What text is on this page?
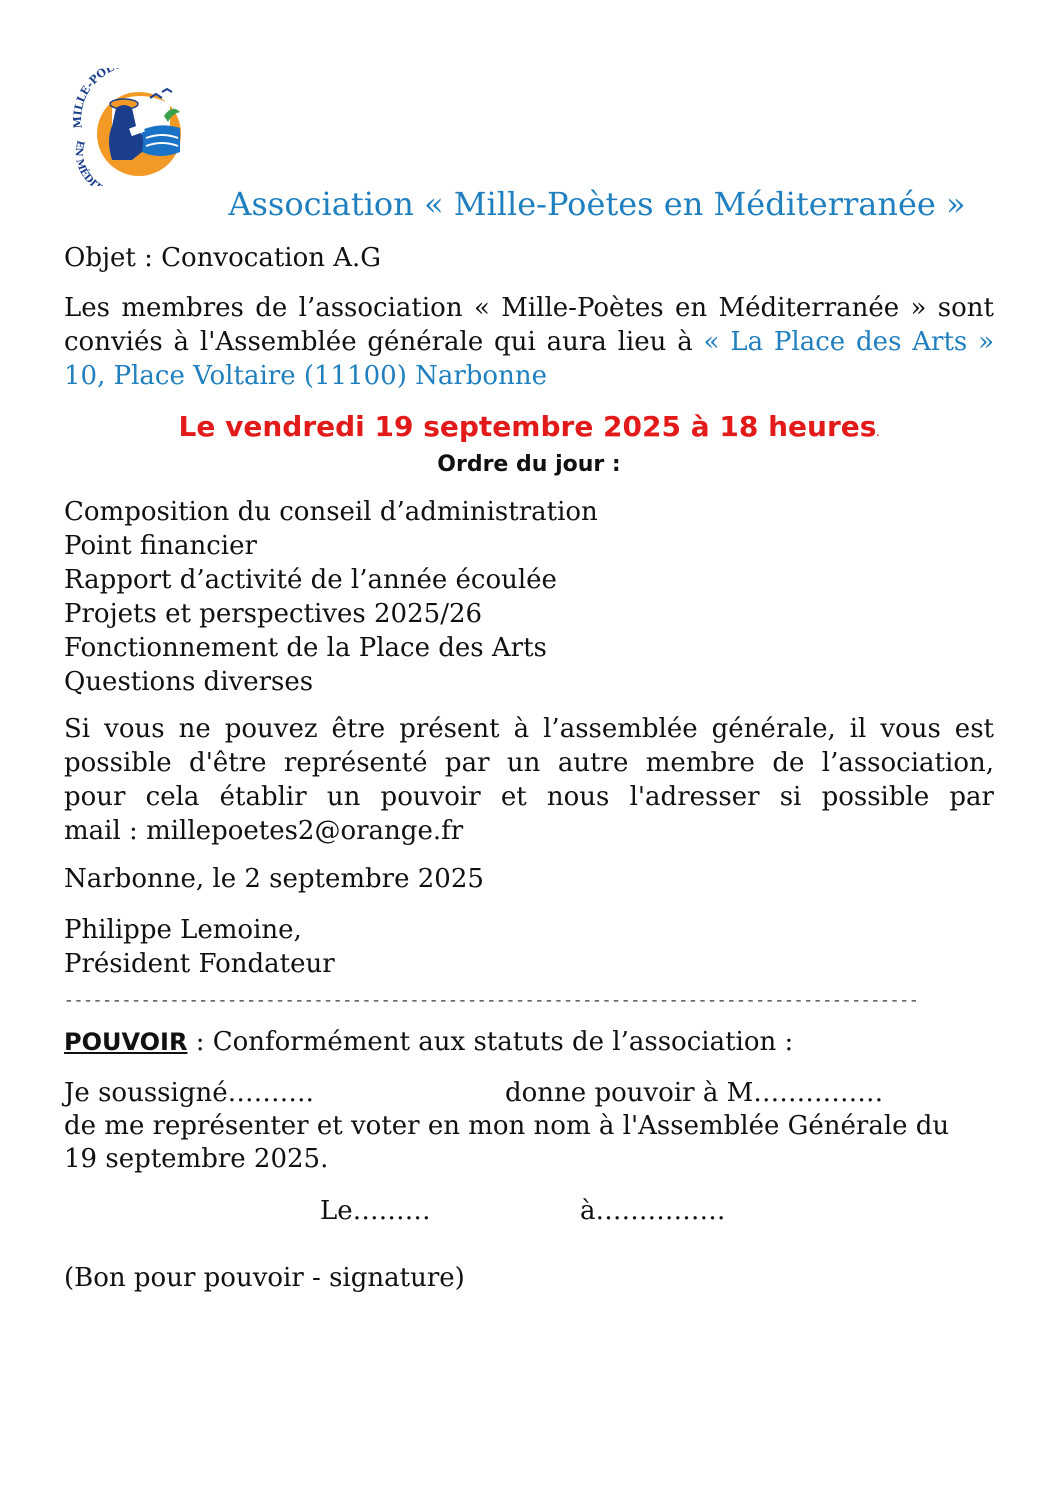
MILLE-POÈ
EN MÉDI
Association « Mille-Poètes en Méditerranée »
Objet : Convocation A.G
Les membres de l’association « Mille-Poètes en Méditerranée » sont
conviés à l'Assemblée générale qui aura lieu à « La Place des Arts »
10, Place Voltaire (11100) Narbonne
Le vendredi 19 septembre 2025 à 18 heures.
Ordre du jour :
Composition du conseil d’administration
Point financier
Rapport d’activité de l’année écoulée
Projets et perspectives 2025/26
Fonctionnement de la Place des Arts
Questions diverses
Si vous ne pouvez être présent à l’assemblée générale, il vous est
possible d'être représenté par un autre membre de l’association,
pour cela établir un pouvoir et nous l'adresser si possible par
mail : millepoetes2@orange.fr
Narbonne, le 2 septembre 2025
Philippe Lemoine,
Président Fondateur
-----------------------------------------------------------------------------------------
POUVOIR : Conformément aux statuts de l’association :
Je soussigné……….	donne pouvoir à M……………
de me représenter et voter en mon nom à l'Assemblée Générale du
19 septembre 2025.
Le………	à……………
(Bon pour pouvoir - signature)
